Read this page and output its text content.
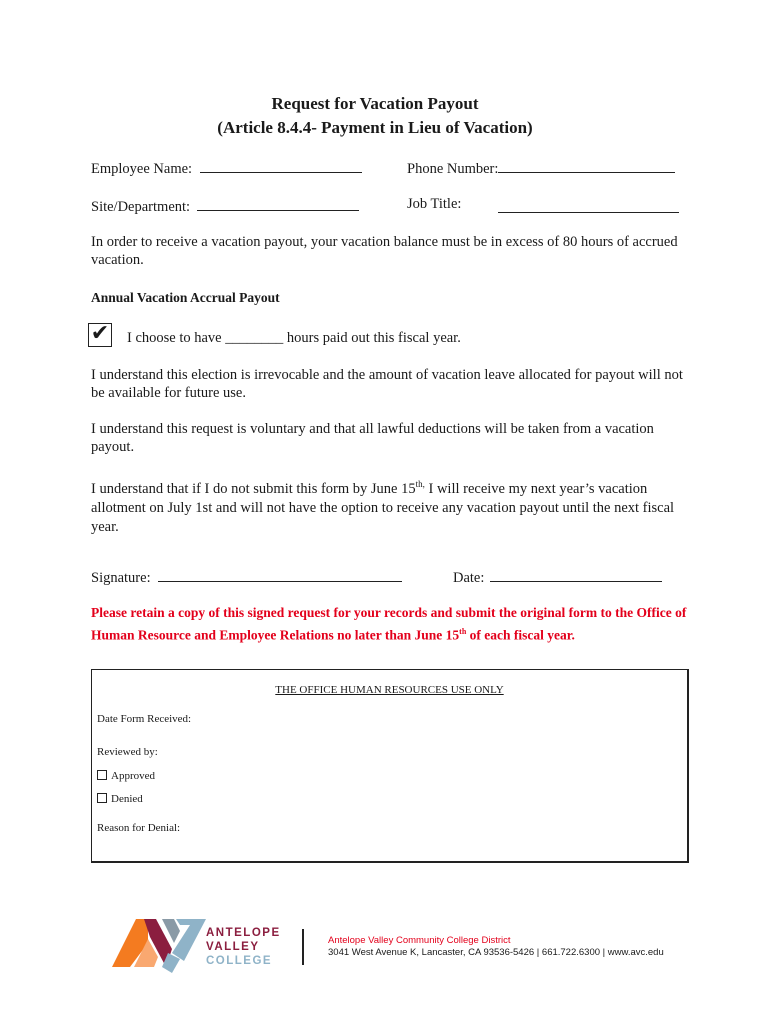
Request for Vacation Payout
(Article 8.4.4- Payment in Lieu of Vacation)
Employee Name:	Phone Number:
Site/Department:	Job Title:
In order to receive a vacation payout, your vacation balance must be in excess of 80 hours of accrued vacation.
Annual Vacation Accrual Payout
✔ I choose to have ________ hours paid out this fiscal year.
I understand this election is irrevocable and the amount of vacation leave allocated for payout will not be available for future use.
I understand this request is voluntary and that all lawful deductions will be taken from a vacation payout.
I understand that if I do not submit this form by June $15^{th,}$ I will receive my next year’s vacation allotment on July 1st and will not have the option to receive any vacation payout until the next fiscal year.
Signature:	Date:
Please retain a copy of this signed request for your records and submit the original form to the Office of Human Resource and Employee Relations no later than June 15th of each fiscal year.
THE OFFICE HUMAN RESOURCES USE ONLY
Date Form Received:
Reviewed by:
Approved
Denied
Reason for Denial:
ANTELOPE
VALLEY
COLLEGE
Antelope Valley Community College District
3041 West Avenue K, Lancaster, CA 93536-5426 | 661.722.6300 | www.avc.edu
